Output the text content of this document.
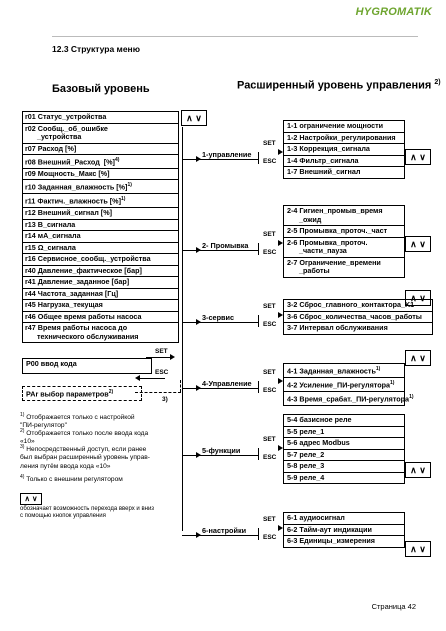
HYGROMATIK
12.3 Структура меню
Базовый уровень	Расширенный уровень управления $^{2)}$
r01 Статус_устройства
r02 Сообщ._об_ошибке
_устройства
r07 Расход [%]
r08 Внешний_Расход  [%]$^{4)}$
r09 Мощность_Макс [%]
r10 Заданная_влажность [%]$^{1)}$
r11 Фактич._влажность [%]$^{1)}$
r12 Внешний_сигнал [%]
r13 B_сигнала
r14 мА_сигнала
r15 Ω_сигнала
r16 Сервисное_сообщ._устройства
r40 Давление_фактическое [бар]
r41 Давление_заданное [бар]
r44 Частота_заданная [Гц]
r45 Нагрузка_текущая
r46 Общее время работы насоса
r47 Время работы насоса до
технического обслуживания
∧ ∨
P00 ввод кода
PAr выбор параметров$^{2)}$
3)
SET
ESC
$^{1)}$ Отображается только с настройкой
"ПИ-регулятор"
$^{2)}$ Отображается только после ввода кода
«10»
$^{3)}$ Непосредственный доступ, если ранее
был выбран расширенный уровень управ-
ления путём ввода кода «10»
$^{4)}$ Только с внешним регулятором
∧ ∨
обозначает возможность перехода вверх и вниз
с помощью кнопок управления
Страница 42
1-управление
1-1 ограничение мощности
1-2 Настройки_регулирования
1-3 Коррекция_сигнала
1-4 Фильтр_сигнала
1-7 Внешний_сигнал
SET
ESC	∧ ∨
2- Промывка
2-4 Гигиен_промыв_время
_ожид
2-5 Промывка_проточ._част
2-6 Промывка_проточ.
_части_пауза
2-7 Ограничение_времени
_работы
SET
ESC
∧ ∨
3-сервис
3-2 Сброс_главного_контактора_K1
3-6 Сброс_количества_часов_работы
3-7 Интервал обслуживания
SET
ESC
∧ ∨
4-Управление
4-1 Заданная_влажность$^{1)}$
4-2 Усиление_ПИ-регулятора$^{1)}$
4-3 Время_срабат._ПИ-регулятора$^{1)}$
SET
ESC
∧ ∨
5-функции
5-4 базисное реле
5-5 реле_1
5-6 адрес Modbus
5-7 реле_2
5-8 реле_3
5-9 реле_4
SET
ESC
∧ ∨
6-настройки
6-1 аудиосигнал
6-2 Тайм-аут индикации
6-3 Единицы_измерения
SET
ESC
∧ ∨
